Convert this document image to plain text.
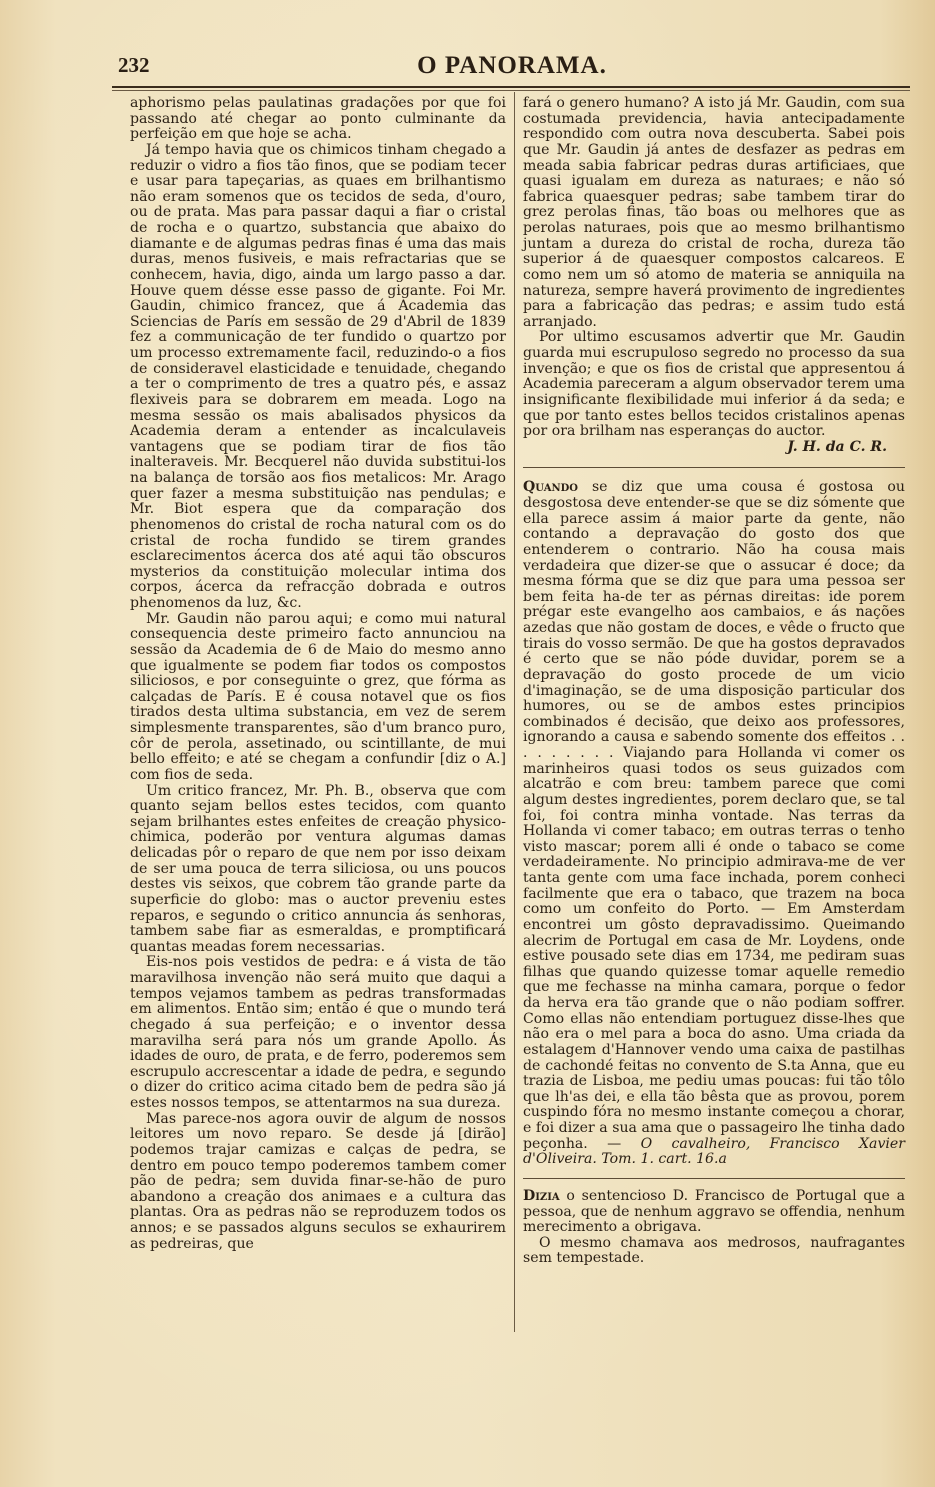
232	O PANORAMA.

aphorismo pelas paulatinas gradações por que foi passando até chegar ao ponto culminante da perfeição em que hoje se acha.

Já tempo havia que os chimicos tinham chegado a reduzir o vidro a fios tão finos, que se podiam tecer e usar para tapeçarias, as quaes em brilhantismo não eram somenos que os tecidos de seda, d'ouro, ou de prata. Mas para passar daqui a fiar o cristal de rocha e o quartzo, substancia que abaixo do diamante e de algumas pedras finas é uma das mais duras, menos fusiveis, e mais refractarias que se conhecem, havia, digo, ainda um largo passo a dar. Houve quem désse esse passo de gigante. Foi Mr. Gaudin, chimico francez, que á Academia das Sciencias de París em sessão de 29 d'Abril de 1839 fez a communicação de ter fundido o quartzo por um processo extremamente facil, reduzindo-o a fios de consideravel elasticidade e tenuidade, chegando a ter o comprimento de tres a quatro pés, e assaz flexiveis para se dobrarem em meada. Logo na mesma sessão os mais abalisados physicos da Academia deram a entender as incalculaveis vantagens que se podiam tirar de fios tão inalteraveis. Mr. Becquerel não duvida substitui-los na balança de torsão aos fios metalicos: Mr. Arago quer fazer a mesma substituição nas pendulas; e Mr. Biot espera que da comparação dos phenomenos do cristal de rocha natural com os do cristal de rocha fundido se tirem grandes esclarecimentos ácerca dos até aqui tão obscuros mysterios da constituição molecular intima dos corpos, ácerca da refracção dobrada e outros phenomenos da luz, &c.

Mr. Gaudin não parou aqui; e como mui natural consequencia deste primeiro facto annunciou na sessão da Academia de 6 de Maio do mesmo anno que igualmente se podem fiar todos os compostos siliciosos, e por conseguinte o grez, que fórma as calçadas de París. E é cousa notavel que os fios tirados desta ultima substancia, em vez de serem simplesmente transparentes, são d'um branco puro, côr de perola, assetinado, ou scintillante, de mui bello effeito; e até se chegam a confundir [diz o A.] com fios de seda.

Um critico francez, Mr. Ph. B., observa que com quanto sejam bellos estes tecidos, com quanto sejam brilhantes estes enfeites de creação physico-chimica, poderão por ventura algumas damas delicadas pôr o reparo de que nem por isso deixam de ser uma pouca de terra siliciosa, ou uns poucos destes vis seixos, que cobrem tão grande parte da superficie do globo: mas o auctor preveniu estes reparos, e segundo o critico annuncia ás senhoras, tambem sabe fiar as esmeraldas, e promptificará quantas meadas forem necessarias.

Eis-nos pois vestidos de pedra: e á vista de tão maravilhosa invenção não será muito que daqui a tempos vejamos tambem as pedras transformadas em alimentos. Então sim; então é que o mundo terá chegado á sua perfeição; e o inventor dessa maravilha será para nós um grande Apollo. Ás idades de ouro, de prata, e de ferro, poderemos sem escrupulo accrescentar a idade de pedra, e segundo o dizer do critico acima citado bem de pedra são já estes nossos tempos, se attentarmos na sua dureza.

Mas parece-nos agora ouvir de algum de nossos leitores um novo reparo. Se desde já [dirão] podemos trajar camizas e calças de pedra, se dentro em pouco tempo poderemos tambem comer pão de pedra; sem duvida finar-se-hão de puro abandono a creação dos animaes e a cultura das plantas. Ora as pedras não se reproduzem todos os annos; e se passados alguns seculos se exhaurirem as pedreiras, que

fará o genero humano? A isto já Mr. Gaudin, com sua costumada previdencia, havia antecipadamente respondido com outra nova descuberta. Sabei pois que Mr. Gaudin já antes de desfazer as pedras em meada sabia fabricar pedras duras artificiaes, que quasi igualam em dureza as naturaes; e não só fabrica quaesquer pedras; sabe tambem tirar do grez perolas finas, tão boas ou melhores que as perolas naturaes, pois que ao mesmo brilhantismo juntam a dureza do cristal de rocha, dureza tão superior á de quaesquer compostos calcareos. E como nem um só atomo de materia se anniquila na natureza, sempre haverá provimento de ingredientes para a fabricação das pedras; e assim tudo está arranjado.

Por ultimo escusamos advertir que Mr. Gaudin guarda mui escrupuloso segredo no processo da sua invenção; e que os fios de cristal que appresentou á Academia pareceram a algum observador terem uma insignificante flexibilidade mui inferior á da seda; e que por tanto estes bellos tecidos cristalinos apenas por ora brilham nas esperanças do auctor.

J. H. da C. R.

Quando se diz que uma cousa é gostosa ou desgostosa deve entender-se que se diz sómente que ella parece assim á maior parte da gente, não contando a depravação do gosto dos que entenderem o contrario. Não ha cousa mais verdadeira que dizer-se que o assucar é doce; da mesma fórma que se diz que para uma pessoa ser bem feita ha-de ter as pérnas direitas: ide porem prégar este evangelho aos cambaios, e ás nações azedas que não gostam de doces, e vêde o fructo que tirais do vosso sermão. De que ha gostos depravados é certo que se não póde duvidar, porem se a depravação do gosto procede de um vicio d'imaginação, se de uma disposição particular dos humores, ou se de ambos estes principios combinados é decisão, que deixo aos professores, ignorando a causa e sabendo somente dos effeitos . . . . . . . . . Viajando para Hollanda vi comer os marinheiros quasi todos os seus guizados com alcatrão e com breu: tambem parece que comi algum destes ingredientes, porem declaro que, se tal foi, foi contra minha vontade. Nas terras da Hollanda vi comer tabaco; em outras terras o tenho visto mascar; porem alli é onde o tabaco se come verdadeiramente. No principio admirava-me de ver tanta gente com uma face inchada, porem conheci facilmente que era o tabaco, que trazem na boca como um confeito do Porto. — Em Amsterdam encontrei um gôsto depravadissimo. Queimando alecrim de Portugal em casa de Mr. Loydens, onde estive pousado sete dias em 1734, me pediram suas filhas que quando quizesse tomar aquelle remedio que me fechasse na minha camara, porque o fedor da herva era tão grande que o não podiam soffrer. Como ellas não entendiam portuguez disse-lhes que não era o mel para a boca do asno. Uma criada da estalagem d'Hannover vendo uma caixa de pastilhas de cachondé feitas no convento de S.ta Anna, que eu trazia de Lisboa, me pediu umas poucas: fui tão tôlo que lh'as dei, e ella tão bêsta que as provou, porem cuspindo fóra no mesmo instante começou a chorar, e foi dizer a sua ama que o passageiro lhe tinha dado peçonha. — O cavalheiro, Francisco Xavier d'Oliveira. Tom. 1. cart. 16.a

Dizia o sentencioso D. Francisco de Portugal que a pessoa, que de nenhum aggravo se offendia, nenhum merecimento a obrigava.

O mesmo chamava aos medrosos, naufragantes sem tempestade.
